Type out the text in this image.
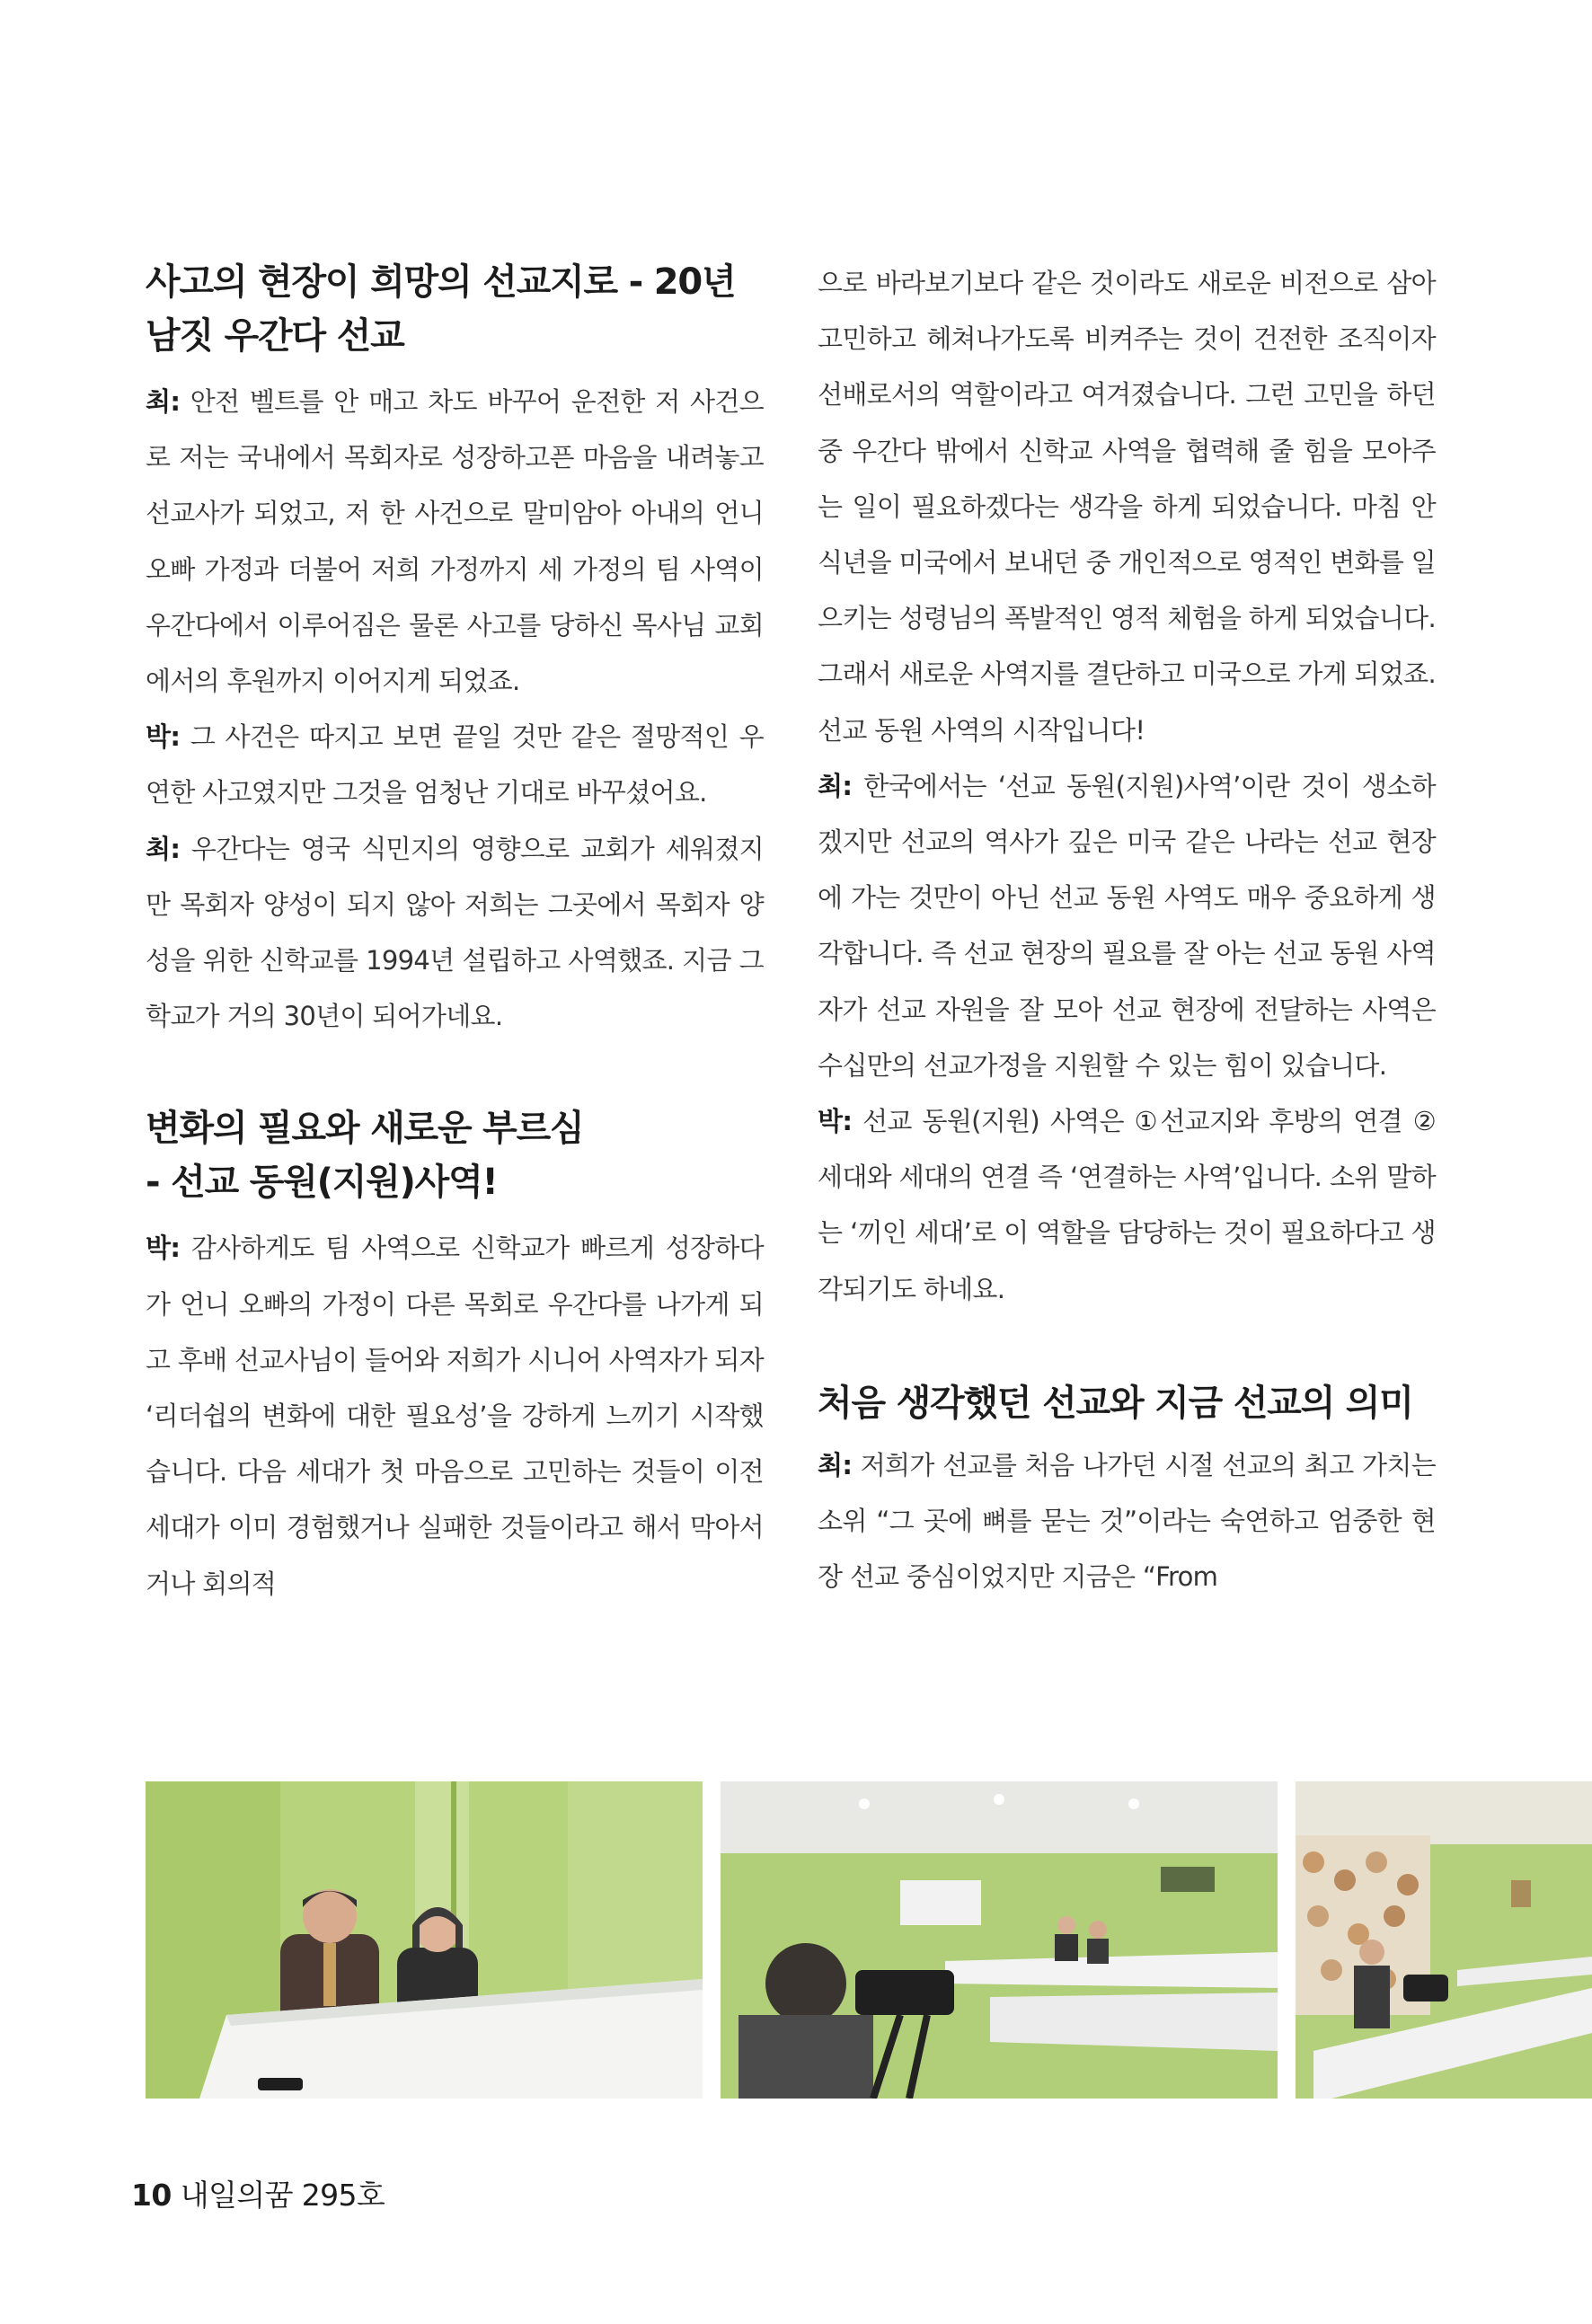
사고의 현장이 희망의 선교지로 - 20년
남짓 우간다 선교

최: 안전 벨트를 안 매고 차도 바꾸어 운전한 저 사건으로 저는 국내에서 목회자로 성장하고픈 마음을 내려놓고 선교사가 되었고, 저 한 사건으로 말미암아 아내의 언니 오빠 가정과 더불어 저희 가정까지 세 가정의 팀 사역이 우간다에서 이루어짐은 물론 사고를 당하신 목사님 교회에서의 후원까지 이어지게 되었죠.

박: 그 사건은 따지고 보면 끝일 것만 같은 절망적인 우연한 사고였지만 그것을 엄청난 기대로 바꾸셨어요.

최: 우간다는 영국 식민지의 영향으로 교회가 세워졌지만 목회자 양성이 되지 않아 저희는 그곳에서 목회자 양성을 위한 신학교를 1994년 설립하고 사역했죠. 지금 그 학교가 거의 30년이 되어가네요.

변화의 필요와 새로운 부르심
- 선교 동원(지원)사역!

박: 감사하게도 팀 사역으로 신학교가 빠르게 성장하다가 언니 오빠의 가정이 다른 목회로 우간다를 나가게 되고 후배 선교사님이 들어와 저희가 시니어 사역자가 되자 ‘리더쉽의 변화에 대한 필요성’을 강하게 느끼기 시작했습니다. 다음 세대가 첫 마음으로 고민하는 것들이 이전 세대가 이미 경험했거나 실패한 것들이라고 해서 막아서거나 회의적

으로 바라보기보다 같은 것이라도 새로운 비전으로 삼아 고민하고 헤쳐나가도록 비켜주는 것이 건전한 조직이자 선배로서의 역할이라고 여겨졌습니다. 그런 고민을 하던 중 우간다 밖에서 신학교 사역을 협력해 줄 힘을 모아주는 일이 필요하겠다는 생각을 하게 되었습니다. 마침 안식년을 미국에서 보내던 중 개인적으로 영적인 변화를 일으키는 성령님의 폭발적인 영적 체험을 하게 되었습니다. 그래서 새로운 사역지를 결단하고 미국으로 가게 되었죠. 선교 동원 사역의 시작입니다!

최: 한국에서는 ‘선교 동원(지원)사역’이란 것이 생소하겠지만 선교의 역사가 깊은 미국 같은 나라는 선교 현장에 가는 것만이 아닌 선교 동원 사역도 매우 중요하게 생각합니다. 즉 선교 현장의 필요를 잘 아는 선교 동원 사역자가 선교 자원을 잘 모아 선교 현장에 전달하는 사역은 수십만의 선교가정을 지원할 수 있는 힘이 있습니다.

박: 선교 동원(지원) 사역은 ①선교지와 후방의 연결 ② 세대와 세대의 연결 즉 ‘연결하는 사역’입니다. 소위 말하는 ‘끼인 세대’로 이 역할을 담당하는 것이 필요하다고 생각되기도 하네요.

처음 생각했던 선교와 지금 선교의 의미

최: 저희가 선교를 처음 나가던 시절 선교의 최고 가치는 소위 “그 곳에 뼈를 묻는 것”이라는 숙연하고 엄중한 현장 선교 중심이었지만 지금은 “From

10 내일의꿈 295호
